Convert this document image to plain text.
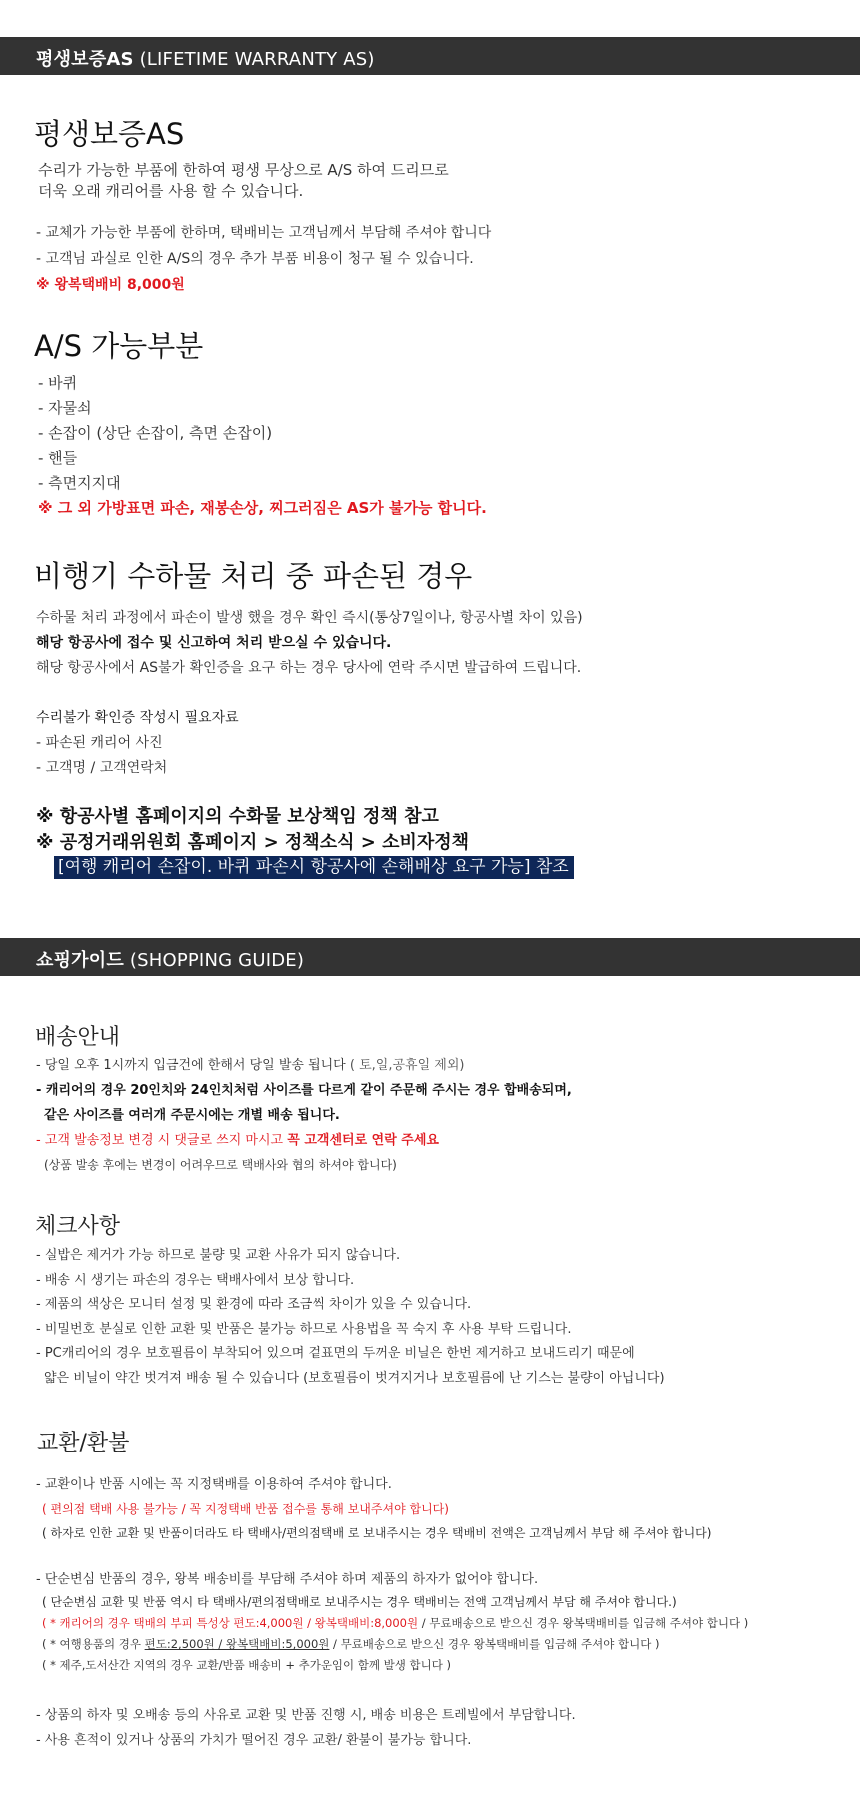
평생보증AS (LIFETIME WARRANTY AS)
평생보증AS

수리가 가능한 부품에 한하여 평생 무상으로 A/S 하여 드리므로
더욱 오래 캐리어를 사용 할 수 있습니다.

- 교체가 가능한 부품에 한하며, 택배비는 고객님께서 부담해 주셔야 합니다
- 고객님 과실로 인한 A/S의 경우 추가 부품 비용이 청구 될 수 있습니다.
※ 왕복택배비 8,000원

A/S 가능부분

- 바퀴
- 자물쇠
- 손잡이 (상단 손잡이, 측면 손잡이)
- 핸들
- 측면지지대
※ 그 외 가방표면 파손, 재봉손상, 찌그러짐은 AS가 불가능 합니다.

비행기 수하물 처리 중 파손된 경우

수하물 처리 과정에서 파손이 발생 했을 경우 확인 즉시(통상7일이나, 항공사별 차이 있음)
해당 항공사에 접수 및 신고하여 처리 받으실 수 있습니다.
해당 항공사에서 AS불가 확인증을 요구 하는 경우 당사에 연락 주시면 발급하여 드립니다.

수리불가 확인증 작성시 필요자료
- 파손된 캐리어 사진
- 고객명 / 고객연락처

※ 항공사별 홈페이지의 수화물 보상책임 정책 참고
※ 공정거래위원회 홈페이지 > 정책소식 > 소비자정책

[여행 캐리어 손잡이. 바퀴 파손시 항공사에 손해배상 요구 가능] 참조
쇼핑가이드 (SHOPPING GUIDE)
배송안내

- 당일 오후 1시까지 입금건에 한해서 당일 발송 됩니다 ( 토,일,공휴일 제외)
- 캐리어의 경우 20인치와 24인치처럼 사이즈를 다르게 같이 주문해 주시는 경우 합배송되며,
같은 사이즈를 여러개 주문시에는 개별 배송 됩니다.
- 고객 발송정보 변경 시 댓글로 쓰지 마시고 꼭 고객센터로 연락 주세요
(상품 발송 후에는 변경이 어려우므로 택배사와 협의 하셔야 합니다)

체크사항

- 실밥은 제거가 가능 하므로 불량 및 교환 사유가 되지 않습니다.
- 배송 시 생기는 파손의 경우는 택배사에서 보상 합니다.
- 제품의 색상은 모니터 설정 및 환경에 따라 조금씩 차이가 있을 수 있습니다.
- 비밀번호 분실로 인한 교환 및 반품은 불가능 하므로 사용법을 꼭 숙지 후 사용 부탁 드립니다.
- PC캐리어의 경우 보호필름이 부착되어 있으며 겉표면의 두꺼운 비닐은 한번 제거하고 보내드리기 때문에
얇은 비닐이 약간 벗겨져 배송 될 수 있습니다 (보호필름이 벗겨지거나 보호필름에 난 기스는 불량이 아닙니다)

교환/환불

- 교환이나 반품 시에는 꼭 지정택배를 이용하여 주셔야 합니다.
( 편의점 택배 사용 불가능 / 꼭 지정택배 반품 접수를 통해 보내주셔야 합니다)
( 하자로 인한 교환 및 반품이더라도 타 택배사/편의점택배 로 보내주시는 경우 택배비 전액은 고객님께서 부담 해 주셔야 합니다)

- 단순변심 반품의 경우, 왕복 배송비를 부담해 주셔야 하며 제품의 하자가 없어야 합니다.

( 단순변심 교환 및 반품 역시 타 택배사/편의점택배로 보내주시는 경우 택배비는 전액 고객님께서 부담 해 주셔야 합니다.)
( * 캐리어의 경우 택배의 부피 특성상 편도:4,000원 / 왕복택배비:8,000원 / 무료배송으로 받으신 경우 왕복택배비를 입금해 주셔야 합니다 )
( * 여행용품의 경우 편도:2,500원 / 왕복택배비:5,000원 / 무료배송으로 받으신 경우 왕복택배비를 입금해 주셔야 합니다 )
( * 제주,도서산간 지역의 경우 교환/반품 배송비 + 추가운임이 함께 발생 합니다 )

- 상품의 하자 및 오배송 등의 사유로 교환 및 반품 진행 시, 배송 비용은 트레빌에서 부담합니다.
- 사용 흔적이 있거나 상품의 가치가 떨어진 경우 교환/ 환불이 불가능 합니다.
